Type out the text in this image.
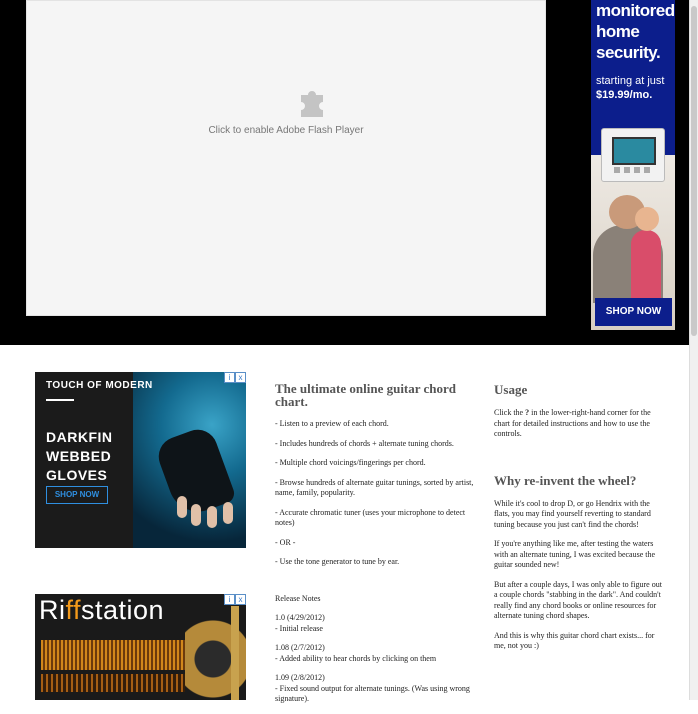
Click to enable Adobe Flash Player
monitored home security.
starting at just
$19.99/mo.
SHOP NOW
TOUCH OF MODERN
DARKFIN WEBBED GLOVES
SHOP NOW
i	x
Riffstation	i	x
The ultimate online guitar chord chart.

- Listen to a preview of each chord.

- Includes hundreds of chords + alternate tuning chords.

- Multiple chord voicings/fingerings per chord.

- Browse hundreds of alternate guitar tunings, sorted by artist, name, family, popularity.

- Accurate chromatic tuner (uses your microphone to detect notes)

- OR -

- Use the tone generator to tune by ear.

Release Notes

1.0 (4/29/2012)
- Initial release

1.08 (2/7/2012)
- Added ability to hear chords by clicking on them

1.09 (2/8/2012)
- Fixed sound output for alternate tunings. (Was using wrong signature).

Usage

Click the ? in the lower-right-hand corner for the chart for detailed instructions and how to use the controls.

Why re-invent the wheel?

While it's cool to drop D, or go Hendrix with the flats, you may find yourself reverting to standard tuning because you just can't find the chords!

If you're anything like me, after testing the waters with an alternate tuning, I was excited because the guitar sounded new!

But after a couple days, I was only able to figure out a couple chords "stabbing in the dark". And couldn't really find any chord books or online resources for alternate tuning chord shapes.

And this is why this guitar chord chart exists... for me, not you :)
